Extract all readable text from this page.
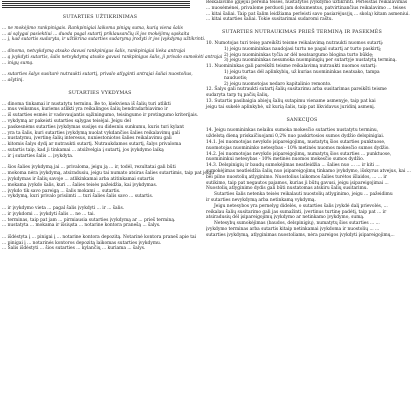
SUTARTIES UŽTIKRINIMAS

... ne mokėjimo rankpinigais. Rankpinigiai laikoma pinigų suma, kurią viena šalis

... ai sąlygai pasiektiui ... duoda pagal sutartį priklausančių iš jos mokėjimų sąskaita

... į, kad sutartis sudaryta, ir užtikrina sutarties sudarymą įrodyti ir jos įvykdymą užtikrinti.

... dinoma, netvykdymą atsako davusi rankpinigus šalis, rankpinigiai lieka antrajai

... ą įvykdyti sutartis, šalis netvykdymą atsako gavusi rankpinigus šalis, ji privalo sumokėti antrajai

... inigų sumą.

... sutarties šalys susitarė nutraukti sutartį, privalo atlyginti antrajai šaliai nuostolius,

... ašytinį.

SUTARTIES VYKDYMAS

... dinoma tinkamai ir nustatytu terminu. Be to, kiekviena iš šalių turi atlikti

... mus veiksmus, kuriems atlikti yra reikalingos šalių bendradarbiavimo ir

... iš sutarties esmės ir vadovaujantis sąžiningumo, teisingumo ir protingumo kriterijais.

... vykdymą ar pakeisti sutarties sąlygas teisėjai. Jeigu del

... paskesnėms sutarties įvykdymas susijęs su didesniu sunkumu, kuris turi kylant

... yra ta šalis, kuri sutarties įvykdymą nuolat vykdančios šalies reikalavimų gali

... nustatymu, įvertinę šalių interesus, nuniestoniotos šalies reikalavimu gali

... kitomis šalys dydį ar nutraukti sutartį. Nutraukdamos sutartį, šalys privaloma

... sutartis taip, kad ji tinkamai ... atsižvelgia į sutartį, jos įvykdymo laiką

... ir į sutarties šalis ... įvykdyta.

... šios šalies įvykdymą jai ... privaloma, jeigu ją ... ir, todėl, rezultatai gali būti

... mokoma nėra įvykdymą, atsiradusiu, jeigu tai numato atsiras šalies sutartimis, taip pat jeigu

... įvykdymas ir šalių savoje ... atlikinkamai arba atitinkamai sutartis

... mokama įvykdo šalis, kuri ... šalies teisės pažeidžia, kai įvykdymas.

... įvykdo tik savo pareigą ... šalis mokami ... sutartis.

... vykdymą, kuri privalo prisiimti ... turi šalies šalis savo ... sutartis.

... ir įvykdymo vieta ... pagal šalis įvykdyti ... ir ... šalis.

... ir įvykdomi ... įvykdyti šalis ... ne ... tai.

... terminas, taip pat jam ... pirmiausia sutarties įvykdymą ar ... prieš terminą.

... nustatyta ... mokama ir išsiųsta ... notarine kontora pranešą ... šalys.

... išdėstyta į ... pinigai į ... notarine kontora depozitą. Notarinė kontora praneš apie tai

... pinigai į ... notarinės kontoros depozitą laikomas sutarties įvykdymu.

... Šalis išdėstyti ... šios sutarties ... kylančių ... kuriama ... šalys.

Reikalavimo įgijėjui pereina teisės, nustatytos įvykdymo užtikrinti. Perleistas reikalavimas

... nuosėmėnei, privalome perduoti jam dokumentus, patvirtinančius reikalavimo ... teises

... kitai šaliai. Taip pat šalim leidžiama perleisti savo pasiarėjus(jų ... skolą) kitam asmeniui.

... kitai sutarties šaliai. Tokie susitarimai sudaromi raštu.

SUTARTIES NUTRAUKIMAS PRIEŠ TERMINĄ IR PASEKMĖS

10. Numotojas turi teisę pareikšti teisme reikalavimą nutraukti nuomos sutartį:

1) jeigu nuomininkas naudojasi turtu ne pagal sutartį ar turto paskirtį;

2) jeigu nuomininkas tyčia ar dėl neatsargumo blogina turto būklę;

3) jeigu nuomininkas nesumoka nuompinigių per sutartyje nustatytą terminą.

11. Nuomininkas gali pareikšti teisme reikalavimą nutraukti nuomos sutartį:

1) jeigu turtas dėl aplinkybių, už kurias nuomininkas neatsako, tampa

nauduotis;

2) jeigu nuomotojas nedaro kapitalinio remonto.

12. Šalys gali nutraukti sutartį šalių susitarimu arba susitarimas pareikšti teisme

sudaryta tarp tų pačių šalių.

13. Sutartis pasibaigia abiejų šalių sutapimu viename asmenyje, taip pat kai

jeigu tai sukelė aplinkybė, už kurią šalis, taip pat likvidavus juridinį asmenį.

SANKCIJOS

14. Jeigu nuomininkas nelaiku sumoka mokesčio sutarties nustatytu terminu,

uždelstą dieną priskaičiuojami 0,2% nuo paskirtosios sumos dydžio delspinigiai.

14.1. Jei nuomotojas nevykdo įsipareigojimų, nustatytų šios sutarties punktuose,

nuomotojas nuomininko netesybas - 10% metinės nuomos mokesčio sumos dydžio.

14.2. Jei nuomotojas nevykdo įsipareigojimų, numatytų šios sutarties ... punktuose,

nuomininkui netesybas - 10% metinės nuomos mokesčio sumos dydžio.

14.3. Delspinigių ir baudų sumokėjimas neatleidžia ... šalies nuo ... ... ir kiti ...

sumokėjimas neatleidžia šalių nuo įsipareigojimų tinkamo įvykdymo, išskyrus atvejus, kai ...

bei pilno nuostolių atlyginimo. Nuostolius laikomos šalies turėtos išlaidos, ... ... ir

sutikimo, taip pat negautos pajamos, kurias ji būtų gavusi, jeigu įsipareigojimai ...

Nuostolių atlyginimo dydis gali būti nustatomas atskiru šalių susitarimu.

Sutarties šalis netenka teisės reikalauti nuostolių atlyginimo, jeigu ... pažeidimu

ir sutarties nevykdymą arba netinkamą vykdymą.

Jeigu netesybos yra pernelyg didelės, o sutarties šalis įvykdė dalį prievolės, ...

reikalau šalių susitarimo gali jas sumažinti, įvertinus turtinę padėtį, taip pat ... ir

atsiradusių dėl įsipareigojimų įvykdymo ar netinkamo įvykdymo, sumą.

Netesybų sumokėjimas (baudos, delspinigių), numatytų šios sutarties ... ...

įvykdymo terminas arba sutartis kitaip netinkamai įvykdoma ir nuostolių ... ...

sutarties įvykdymą, atlyginimas nuostoliams, nėra pareigos įvykdyti įsipareigojimų...
